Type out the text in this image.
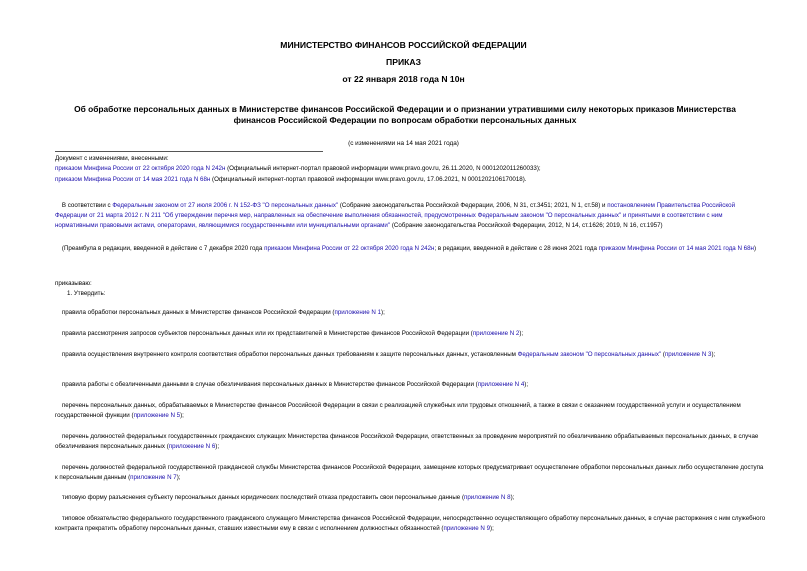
МИНИСТЕРСТВО ФИНАНСОВ РОССИЙСКОЙ ФЕДЕРАЦИИ
ПРИКАЗ
от 22 января 2018 года N 10н
Об обработке персональных данных в Министерстве финансов Российской Федерации и о признании утратившими силу некоторых приказов Министерства финансов Российской Федерации по вопросам обработки персональных данных
(с изменениями на 14 мая 2021 года)
Документ с изменениями, внесенными:
приказом Минфина России от 22 октября 2020 года N 242н (Официальный интернет-портал правовой информации www.pravo.gov.ru, 26.11.2020, N 0001202011260033);
приказом Минфина России от 14 мая 2021 года N 68н (Официальный интернет-портал правовой информации www.pravo.gov.ru, 17.06.2021, N 0001202106170018).
В соответствии с Федеральным законом от 27 июля 2006 г. N 152-ФЗ "О персональных данных" (Собрание законодательства Российской Федерации, 2006, N 31, ст.3451; 2021, N 1, ст.58) и постановлением Правительства Российской Федерации от 21 марта 2012 г. N 211 "Об утверждении перечня мер, направленных на обеспечение выполнения обязанностей, предусмотренных Федеральным законом "О персональных данных" и принятыми в соответствии с ним нормативными правовыми актами, операторами, являющимися государственными или муниципальными органами" (Собрание законодательства Российской Федерации, 2012, N 14, ст.1626; 2019, N 16, ст.1957)
(Преамбула в редакции, введенной в действие с 7 декабря 2020 года приказом Минфина России от 22 октября 2020 года N 242н; в редакции, введенной в действие с 28 июня 2021 года приказом Минфина России от 14 мая 2021 года N 68н)
приказываю:
1. Утвердить:
правила обработки персональных данных в Министерстве финансов Российской Федерации (приложение N 1);
правила рассмотрения запросов субъектов персональных данных или их представителей в Министерстве финансов Российской Федерации (приложение N 2);
правила осуществления внутреннего контроля соответствия обработки персональных данных требованиям к защите персональных данных, установленным Федеральным законом "О персональных данных" (приложение N 3);
правила работы с обезличенными данными в случае обезличивания персональных данных в Министерстве финансов Российской Федерации (приложение N 4);
перечень персональных данных, обрабатываемых в Министерстве финансов Российской Федерации в связи с реализацией служебных или трудовых отношений, а также в связи с оказанием государственной услуги и осуществлением государственной функции (приложение N 5);
перечень должностей федеральных государственных гражданских служащих Министерства финансов Российской Федерации, ответственных за проведение мероприятий по обезличиванию обрабатываемых персональных данных, в случае обезличивания персональных данных (приложение N 6);
перечень должностей федеральной государственной гражданской службы Министерства финансов Российской Федерации, замещение которых предусматривает осуществление обработки персональных данных либо осуществление доступа к персональным данным (приложение N 7);
типовую форму разъяснения субъекту персональных данных юридических последствий отказа предоставить свои персональные данные (приложение N 8);
типовое обязательство федерального государственного гражданского служащего Министерства финансов Российской Федерации, непосредственно осуществляющего обработку персональных данных, в случае расторжения с ним служебного контракта прекратить обработку персональных данных, ставших известными ему в связи с исполнением должностных обязанностей (приложение N 9);
